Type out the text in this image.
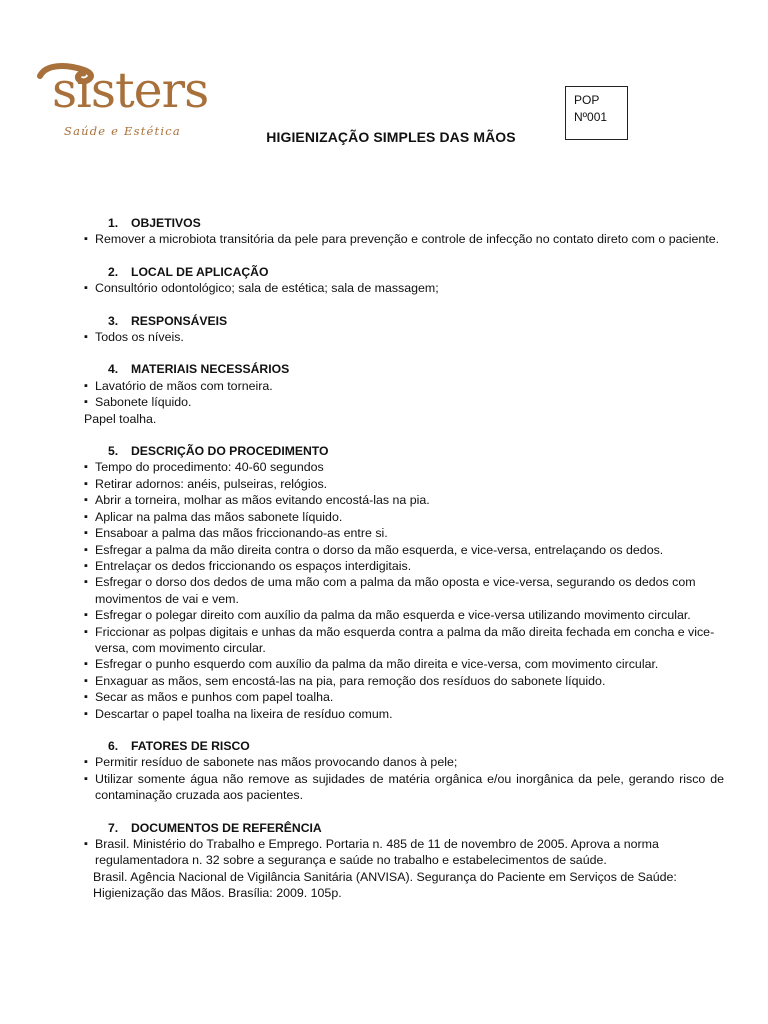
sisters
Saúde e Estética
POP
Nº001
HIGIENIZAÇÃO SIMPLES DAS MÃOS
1. OBJETIVOS
▪ Remover a microbiota transitória da pele para prevenção e controle de infecção no contato direto com o paciente.
2. LOCAL DE APLICAÇÃO
▪ Consultório odontológico; sala de estética; sala de massagem;
3. RESPONSÁVEIS
▪ Todos os níveis.
4. MATERIAIS NECESSÁRIOS
▪ Lavatório de mãos com torneira.
▪ Sabonete líquido.
Papel toalha.
5. DESCRIÇÃO DO PROCEDIMENTO
▪ Tempo do procedimento: 40-60 segundos
▪ Retirar adornos: anéis, pulseiras, relógios.
▪ Abrir a torneira, molhar as mãos evitando encostá-las na pia.
▪ Aplicar na palma das mãos sabonete líquido.
▪ Ensaboar a palma das mãos friccionando-as entre si.
▪ Esfregar a palma da mão direita contra o dorso da mão esquerda, e vice-versa, entrelaçando os dedos.
▪ Entrelaçar os dedos friccionando os espaços interdigitais.
▪ Esfregar o dorso dos dedos de uma mão com a palma da mão oposta e vice-versa, segurando os dedos com movimentos de vai e vem.
▪ Esfregar o polegar direito com auxílio da palma da mão esquerda e vice-versa utilizando movimento circular.
▪ Friccionar as polpas digitais e unhas da mão esquerda contra a palma da mão direita fechada em concha e vice-versa, com movimento circular.
▪ Esfregar o punho esquerdo com auxílio da palma da mão direita e vice-versa, com movimento circular.
▪ Enxaguar as mãos, sem encostá-las na pia, para remoção dos resíduos do sabonete líquido.
▪ Secar as mãos e punhos com papel toalha.
▪ Descartar o papel toalha na lixeira de resíduo comum.
6. FATORES DE RISCO
▪ Permitir resíduo de sabonete nas mãos provocando danos à pele;
▪ Utilizar somente água não remove as sujidades de matéria orgânica e/ou inorgânica da pele, gerando risco de contaminação cruzada aos pacientes.
7. DOCUMENTOS DE REFERÊNCIA
▪ Brasil. Ministério do Trabalho e Emprego. Portaria n. 485 de 11 de novembro de 2005. Aprova a norma regulamentadora n. 32 sobre a segurança e saúde no trabalho e estabelecimentos de saúde.
Brasil. Agência Nacional de Vigilância Sanitária (ANVISA). Segurança do Paciente em Serviços de Saúde: Higienização das Mãos. Brasília: 2009. 105p.
